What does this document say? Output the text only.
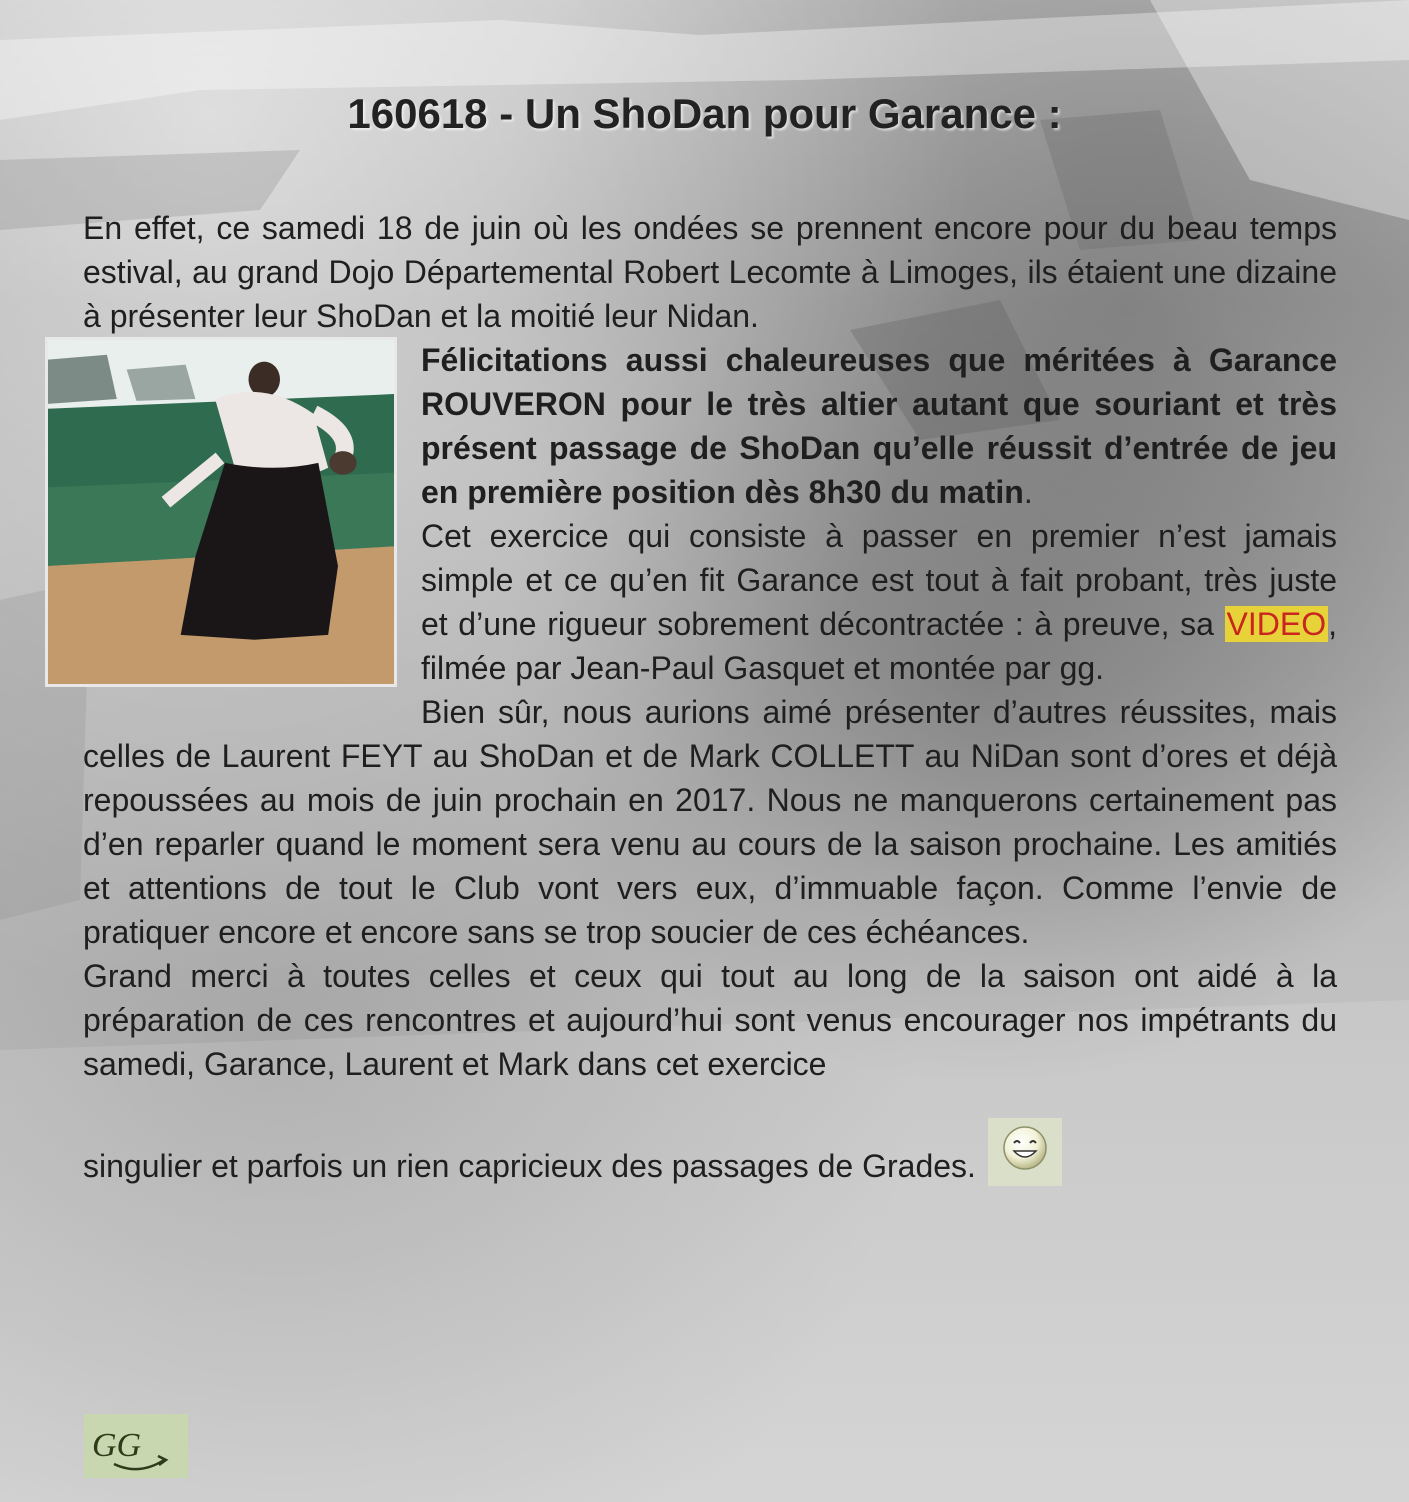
160618 - Un ShoDan pour Garance :

En effet, ce samedi 18 de juin où les ondées se prennent encore pour du beau temps estival, au grand Dojo Départemental Robert Lecomte à Limoges, ils étaient une dizaine à présenter leur ShoDan et la moitié leur Nidan.

Félicitations aussi chaleureuses que méritées à Garance ROUVERON pour le très altier autant que souriant et très présent passage de ShoDan qu’elle réussit d’entrée de jeu en première position dès 8h30 du matin.

Cet exercice qui consiste à passer en premier n’est jamais simple et ce qu’en fit Garance est tout à fait probant, très juste et d’une rigueur sobrement décontractée : à preuve, sa VIDEO, filmée par Jean-Paul Gasquet et montée par gg.

Bien sûr, nous aurions aimé présenter d’autres réussites, mais celles de Laurent FEYT au ShoDan et de Mark COLLETT au NiDan sont d’ores et déjà repoussées au mois de juin prochain en 2017. Nous ne manquerons certainement pas d’en reparler quand le moment sera venu au cours de la saison prochaine. Les amitiés et attentions de tout le Club vont vers eux, d’immuable façon. Comme l’envie de pratiquer encore et encore sans se trop soucier de ces échéances.

Grand merci à toutes celles et ceux qui tout au long de la saison ont aidé à la préparation de ces rencontres et aujourd’hui sont venus encourager nos impétrants du samedi, Garance, Laurent et Mark dans cet exercice

singulier et parfois un rien capricieux des passages de Grades.

GG
